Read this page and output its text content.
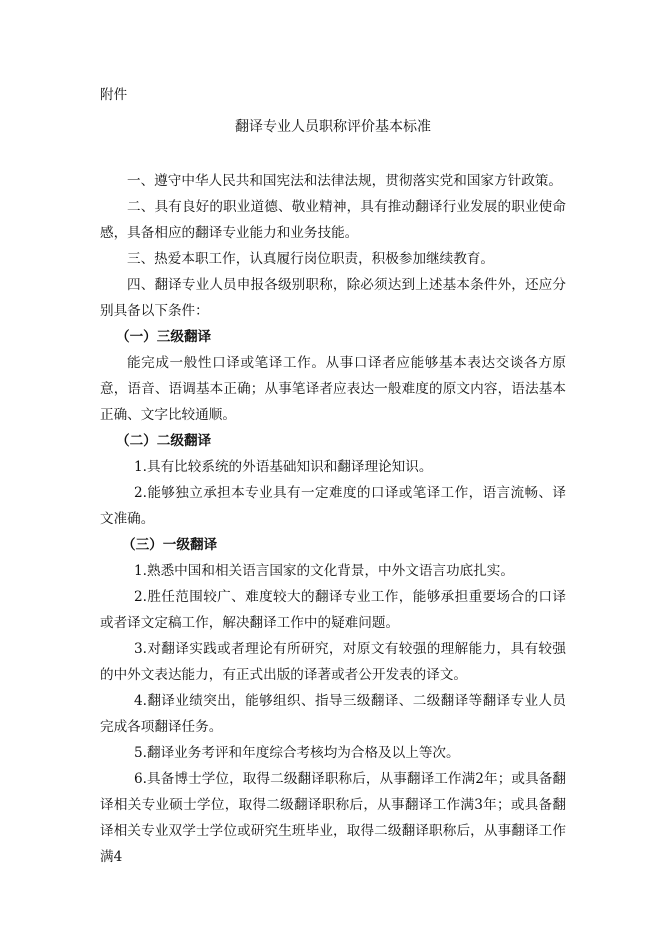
附件
翻译专业人员职称评价基本标准

一、遵守中华人民共和国宪法和法律法规，贯彻落实党和国家方针政策。

二、具有良好的职业道德、敬业精神，具有推动翻译行业发展的职业使命感，具备相应的翻译专业能力和业务技能。

三、热爱本职工作，认真履行岗位职责，积极参加继续教育。

四、翻译专业人员申报各级别职称，除必须达到上述基本条件外，还应分别具备以下条件：

（一）三级翻译

能完成一般性口译或笔译工作。从事口译者应能够基本表达交谈各方原意，语音、语调基本正确；从事笔译者应表达一般难度的原文内容，语法基本正确、文字比较通顺。

（二）二级翻译

1.具有比较系统的外语基础知识和翻译理论知识。

2.能够独立承担本专业具有一定难度的口译或笔译工作，语言流畅、译文准确。

（三）一级翻译

1.熟悉中国和相关语言国家的文化背景，中外文语言功底扎实。

2.胜任范围较广、难度较大的翻译专业工作，能够承担重要场合的口译或者译文定稿工作，解决翻译工作中的疑难问题。

3.对翻译实践或者理论有所研究，对原文有较强的理解能力，具有较强的中外文表达能力，有正式出版的译著或者公开发表的译文。

4.翻译业绩突出，能够组织、指导三级翻译、二级翻译等翻译专业人员完成各项翻译任务。

5.翻译业务考评和年度综合考核均为合格及以上等次。

6.具备博士学位，取得二级翻译职称后，从事翻译工作满2年；或具备翻译相关专业硕士学位，取得二级翻译职称后，从事翻译工作满3年；或具备翻译相关专业双学士学位或研究生班毕业，取得二级翻译职称后，从事翻译工作满4
